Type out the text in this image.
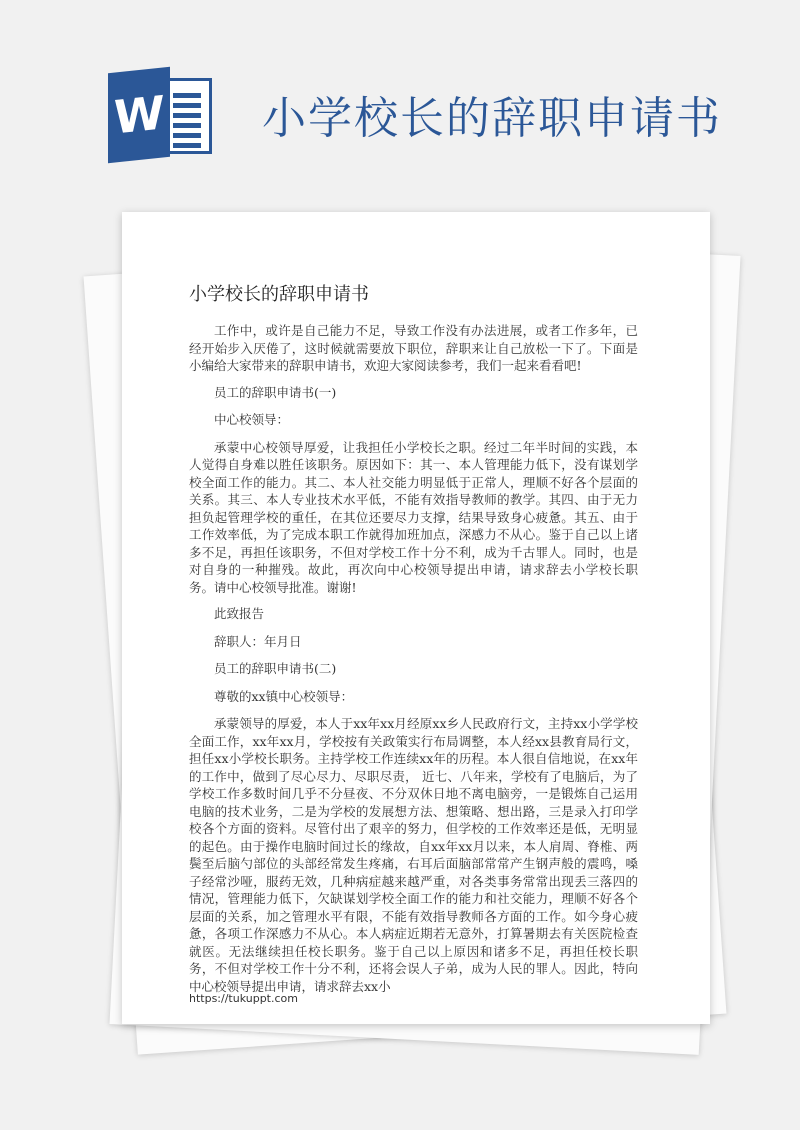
W 小学校长的辞职申请书
小学校长的辞职申请书

工作中，或许是自己能力不足，导致工作没有办法进展，或者工作多年，已经开始步入厌倦了，这时候就需要放下职位，辞职来让自己放松一下了。下面是小编给大家带来的辞职申请书，欢迎大家阅读参考，我们一起来看看吧!

员工的辞职申请书(一)

中心校领导：

承蒙中心校领导厚爱，让我担任小学校长之职。经过二年半时间的实践，本人觉得自身难以胜任该职务。原因如下：其一、本人管理能力低下，没有谋划学校全面工作的能力。其二、本人社交能力明显低于正常人，理顺不好各个层面的关系。其三、本人专业技术水平低，不能有效指导教师的教学。其四、由于无力担负起管理学校的重任，在其位还要尽力支撑，结果导致身心疲惫。其五、由于工作效率低，为了完成本职工作就得加班加点，深感力不从心。鉴于自己以上诸多不足，再担任该职务，不但对学校工作十分不利，成为千古罪人。同时，也是对自身的一种摧残。故此，再次向中心校领导提出申请，请求辞去小学校长职务。请中心校领导批准。谢谢!

此致报告

辞职人：年月日

员工的辞职申请书(二)

尊敬的xx镇中心校领导：

承蒙领导的厚爱，本人于xx年xx月经原xx乡人民政府行文，主持xx小学学校全面工作，xx年xx月，学校按有关政策实行布局调整，本人经xx县教育局行文，担任xx小学校长职务。主持学校工作连续xx年的历程。本人很自信地说，在xx年的工作中，做到了尽心尽力、尽职尽责， 近七、八年来，学校有了电脑后，为了学校工作多数时间几乎不分昼夜、不分双休日地不离电脑旁，一是锻炼自己运用电脑的技术业务，二是为学校的发展想方法、想策略、想出路，三是录入打印学校各个方面的资料。尽管付出了艰辛的努力，但学校的工作效率还是低，无明显的起色。由于操作电脑时间过长的缘故，自xx年xx月以来，本人肩周、脊椎、两鬓至后脑勺部位的头部经常发生疼痛，右耳后面脑部常常产生钢声般的震鸣，嗓子经常沙哑，服药无效，几种病症越来越严重，对各类事务常常出现丢三落四的情况，管理能力低下，欠缺谋划学校全面工作的能力和社交能力，理顺不好各个层面的关系，加之管理水平有限，不能有效指导教师各方面的工作。如今身心疲惫，各项工作深感力不从心。本人病症近期若无意外，打算暑期去有关医院检查就医。无法继续担任校长职务。鉴于自己以上原因和诸多不足，再担任校长职务，不但对学校工作十分不利，还将会误人子弟，成为人民的罪人。因此，特向中心校领导提出申请，请求辞去xx小

https://tukuppt.com
